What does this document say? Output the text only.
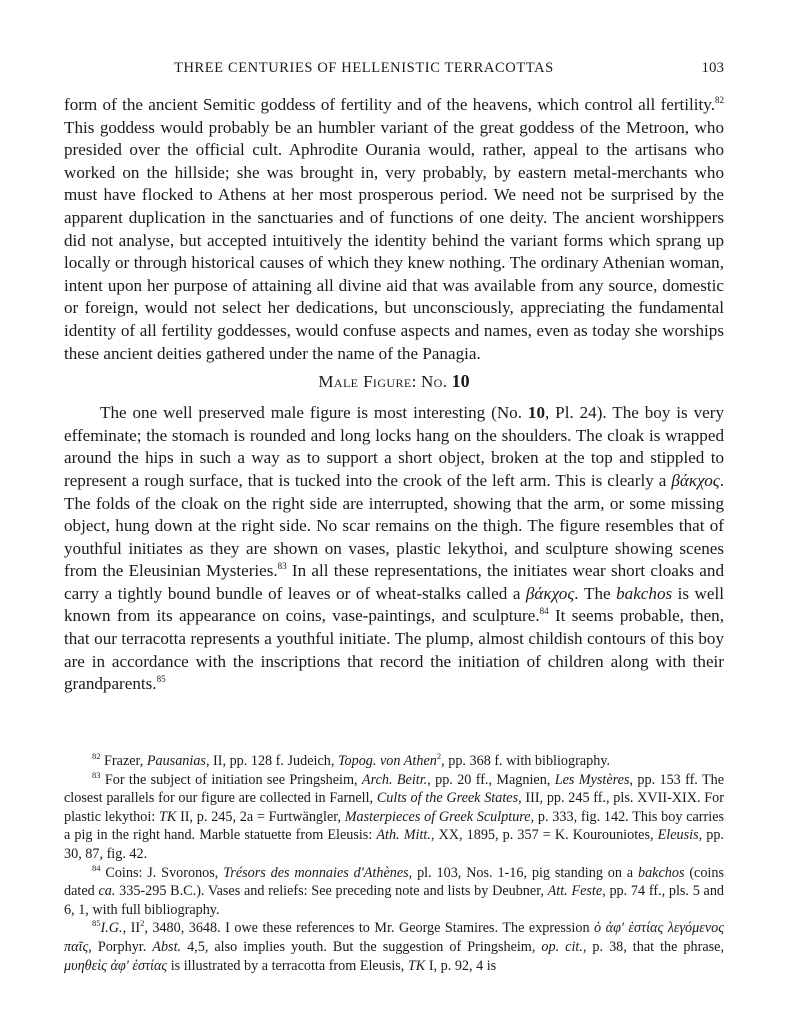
THREE CENTURIES OF HELLENISTIC TERRACOTTAS	103

form of the ancient Semitic goddess of fertility and of the heavens, which control all fertility.$^{82}$ This goddess would probably be an humbler variant of the great goddess of the Metroon, who presided over the official cult. Aphrodite Ourania would, rather, appeal to the artisans who worked on the hillside; she was brought in, very probably, by eastern metal-merchants who must have flocked to Athens at her most prosperous period. We need not be surprised by the apparent duplication in the sanctuaries and of functions of one deity. The ancient worshippers did not analyse, but accepted intuitively the identity behind the variant forms which sprang up locally or through historical causes of which they knew nothing. The ordinary Athenian woman, intent upon her purpose of attaining all divine aid that was available from any source, domestic or foreign, would not select her dedications, but unconsciously, appreciating the fundamental identity of all fertility goddesses, would confuse aspects and names, even as today she worships these ancient deities gathered under the name of the Panagia.

Male Figure: No. 10

The one well preserved male figure is most interesting (No. 10, Pl. 24). The boy is very effeminate; the stomach is rounded and long locks hang on the shoulders. The cloak is wrapped around the hips in such a way as to support a short object, broken at the top and stippled to represent a rough surface, that is tucked into the crook of the left arm. This is clearly a βάκχος. The folds of the cloak on the right side are interrupted, showing that the arm, or some missing object, hung down at the right side. No scar remains on the thigh. The figure resembles that of youthful initiates as they are shown on vases, plastic lekythoi, and sculpture showing scenes from the Eleusinian Mysteries.$^{83}$ In all these representations, the initiates wear short cloaks and carry a tightly bound bundle of leaves or of wheat-stalks called a βάκχος. The bakchos is well known from its appearance on coins, vase-paintings, and sculpture.$^{84}$ It seems probable, then, that our terracotta represents a youthful initiate. The plump, almost childish contours of this boy are in accordance with the inscriptions that record the initiation of children along with their grandparents.$^{85}$

$^{82}$ Frazer, Pausanias, II, pp. 128 f. Judeich, Topog. von Athen$^2$, pp. 368 f. with bibliography.

$^{83}$ For the subject of initiation see Pringsheim, Arch. Beitr., pp. 20 ff., Magnien, Les Mystères, pp. 153 ff. The closest parallels for our figure are collected in Farnell, Cults of the Greek States, III, pp. 245 ff., pls. XVII-XIX. For plastic lekythoi: TK II, p. 245, 2a = Furtwängler, Masterpieces of Greek Sculpture, p. 333, fig. 142. This boy carries a pig in the right hand. Marble statuette from Eleusis: Ath. Mitt., XX, 1895, p. 357 = K. Kourouniotes, Eleusis, pp. 30, 87, fig. 42.

$^{84}$ Coins: J. Svoronos, Trésors des monnaies d'Athènes, pl. 103, Nos. 1-16, pig standing on a bakchos (coins dated ca. 335-295 B.C.). Vases and reliefs: See preceding note and lists by Deubner, Att. Feste, pp. 74 ff., pls. 5 and 6, 1, with full bibliography.

$^{85}$I.G., $II^2$, 3480, 3648. I owe these references to Mr. George Stamires. The expression ὁ ἀφ' ἑστίας λεγόμενος παῖς, Porphyr. Abst. 4,5, also implies youth. But the suggestion of Pringsheim, op. cit., p. 38, that the phrase, μυηθεὶς ἀφ' ἑστίας is illustrated by a terracotta from Eleusis, TK I, p. 92, 4 is
